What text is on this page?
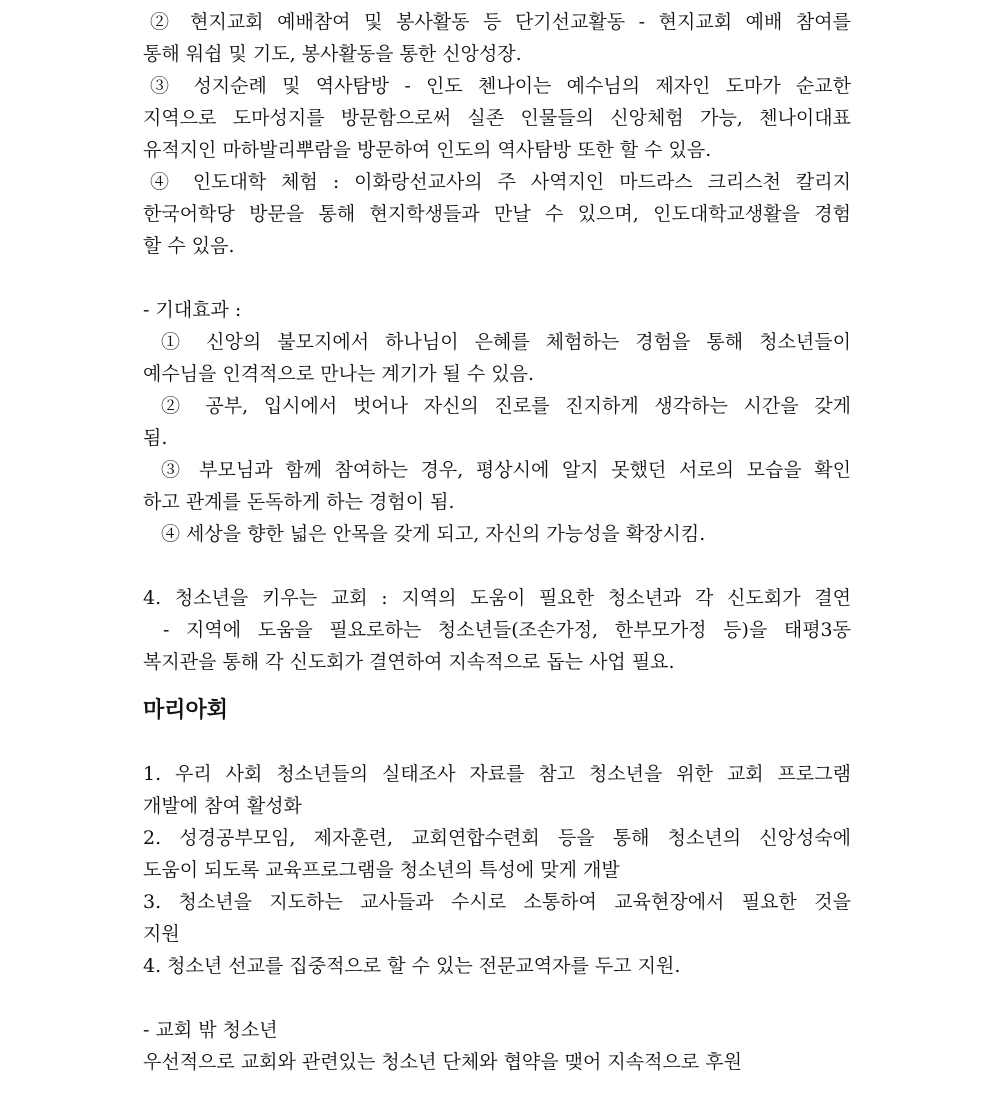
② 현지교회 예배참여 및 봉사활동 등 단기선교활동 - 현지교회 예배 참여를
통해 워쉽 및 기도, 봉사활동을 통한 신앙성장.
③ 성지순례 및 역사탐방 - 인도 첸나이는 예수님의 제자인 도마가 순교한
지역으로 도마성지를 방문함으로써 실존 인물들의 신앙체험 가능, 첸나이대표
유적지인 마하발리뿌람을 방문하여 인도의 역사탐방 또한 할 수 있음.
④ 인도대학 체험 : 이화랑선교사의 주 사역지인 마드라스 크리스천 칼리지
한국어학당 방문을 통해 현지학생들과 만날 수 있으며, 인도대학교생활을 경험
할 수 있음.
- 기대효과 :
① 신앙의 불모지에서 하나님이 은혜를 체험하는 경험을 통해 청소년들이
예수님을 인격적으로 만나는 계기가 될 수 있음.
② 공부, 입시에서 벗어나 자신의 진로를 진지하게 생각하는 시간을 갖게
됨.
③ 부모님과 함께 참여하는 경우, 평상시에 알지 못했던 서로의 모습을 확인
하고 관계를 돈독하게 하는 경험이 됨.
④ 세상을 향한 넓은 안목을 갖게 되고, 자신의 가능성을 확장시킴.
4. 청소년을 키우는 교회 : 지역의 도움이 필요한 청소년과 각 신도회가 결연
- 지역에 도움을 필요로하는 청소년들(조손가정, 한부모가정 등)을 태평3동
복지관을 통해 각 신도회가 결연하여 지속적으로 돕는 사업 필요.
마리아회
1. 우리 사회 청소년들의 실태조사 자료를 참고 청소년을 위한 교회 프로그램
개발에 참여 활성화
2. 성경공부모임, 제자훈련, 교회연합수련회 등을 통해 청소년의 신앙성숙에
도움이 되도록 교육프로그램을 청소년의 특성에 맞게 개발
3. 청소년을 지도하는 교사들과 수시로 소통하여 교육현장에서 필요한 것을
지원
4. 청소년 선교를 집중적으로 할 수 있는 전문교역자를 두고 지원.
- 교회 밖 청소년
우선적으로 교회와 관련있는 청소년 단체와 협약을 맺어 지속적으로 후원
